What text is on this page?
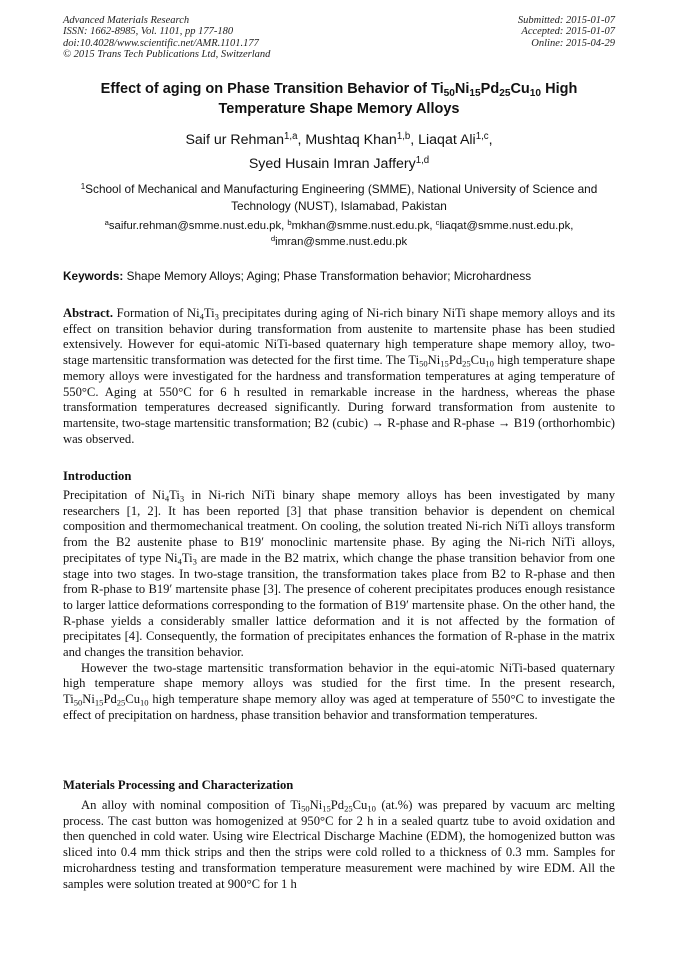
Advanced Materials Research
ISSN: 1662-8985, Vol. 1101, pp 177-180
doi:10.4028/www.scientific.net/AMR.1101.177
© 2015 Trans Tech Publications Ltd, Switzerland
Submitted: 2015-01-07
Accepted: 2015-01-07
Online: 2015-04-29
Effect of aging on Phase Transition Behavior of $Ti_{50}Ni_{15}Pd_{25}Cu_{10}$ High Temperature Shape Memory Alloys
Saif ur Rehman$^{1,a}$, Mushtaq Khan$^{1,b}$, Liaqat Ali$^{1,c}$,
Syed Husain Imran Jaffery$^{1,d}$
$^1$School of Mechanical and Manufacturing Engineering (SMME), National University of Science and Technology (NUST), Islamabad, Pakistan
$^a$saifur.rehman@smme.nust.edu.pk, $^b$mkhan@smme.nust.edu.pk, $^c$liaqat@smme.nust.edu.pk,
$^d$imran@smme.nust.edu.pk
Keywords: Shape Memory Alloys; Aging; Phase Transformation behavior; Microhardness

Abstract. Formation of $Ni_4Ti_3$ precipitates during aging of Ni-rich binary NiTi shape memory alloys and its effect on transition behavior during transformation from austenite to martensite phase has been studied extensively. However for equi-atomic NiTi-based quaternary high temperature shape memory alloy, two-stage martensitic transformation was detected for the first time. The $Ti_{50}Ni_{15}Pd_{25}Cu_{10}$ high temperature shape memory alloys were investigated for the hardness and transformation temperatures at aging temperature of 550°C. Aging at 550°C for 6 h resulted in remarkable increase in the hardness, whereas the phase transformation temperatures decreased significantly. During forward transformation from austenite to martensite, two-stage martensitic transformation; B2 (cubic) → R-phase and R-phase → B19 (orthorhombic) was observed.

Introduction

Precipitation of $Ni_4Ti_3$ in Ni-rich NiTi binary shape memory alloys has been investigated by many researchers [1, 2]. It has been reported [3] that phase transition behavior is dependent on chemical composition and thermomechanical treatment. On cooling, the solution treated Ni-rich NiTi alloys transform from the B2 austenite phase to B19′ monoclinic martensite phase. By aging the Ni-rich NiTi alloys, precipitates of type $Ni_4Ti_3$ are made in the B2 matrix, which change the phase transition behavior from one stage into two stages. In two-stage transition, the transformation takes place from B2 to R-phase and then from R-phase to B19′ martensite phase [3]. The presence of coherent precipitates produces enough resistance to larger lattice deformations corresponding to the formation of B19′ martensite phase. On the other hand, the R-phase yields a considerably smaller lattice deformation and it is not affected by the formation of precipitates [4]. Consequently, the formation of precipitates enhances the formation of R-phase in the matrix and changes the transition behavior.

However the two-stage martensitic transformation behavior in the equi-atomic NiTi-based quaternary high temperature shape memory alloys was studied for the first time. In the present research, $Ti_{50}Ni_{15}Pd_{25}Cu_{10}$ high temperature shape memory alloy was aged at temperature of 550°C to investigate the effect of precipitation on hardness, phase transition behavior and transformation temperatures.

Materials Processing and Characterization

An alloy with nominal composition of $Ti_{50}Ni_{15}Pd_{25}Cu_{10}$ (at.%) was prepared by vacuum arc melting process. The cast button was homogenized at 950°C for 2 h in a sealed quartz tube to avoid oxidation and then quenched in cold water. Using wire Electrical Discharge Machine (EDM), the homogenized button was sliced into 0.4 mm thick strips and then the strips were cold rolled to a thickness of 0.3 mm. Samples for microhardness testing and transformation temperature measurement were machined by wire EDM. All the samples were solution treated at 900°C for 1 h
